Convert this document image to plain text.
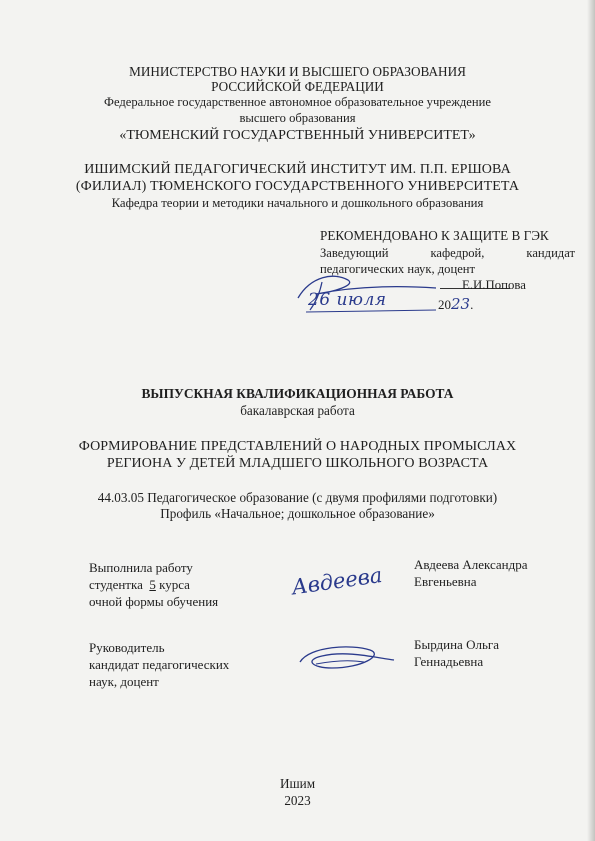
МИНИСТЕРСТВО НАУКИ И ВЫСШЕГО ОБРАЗОВАНИЯ
РОССИЙСКОЙ ФЕДЕРАЦИИ
Федеральное государственное автономное образовательное учреждение
высшего образования
«ТЮМЕНСКИЙ ГОСУДАРСТВЕННЫЙ УНИВЕРСИТЕТ»
ИШИМСКИЙ ПЕДАГОГИЧЕСКИЙ ИНСТИТУТ ИМ. П.П. ЕРШОВА
(ФИЛИАЛ) ТЮМЕНСКОГО ГОСУДАРСТВЕННОГО УНИВЕРСИТЕТА
Кафедра теории и методики начального и дошкольного образования
РЕКОМЕНДОВАНО К ЗАЩИТЕ В ГЭК
Заведующий	кафедрой,	кандидат
педагогических наук, доцент
Е.И.Попова
26 июля	2023.
ВЫПУСКНАЯ КВАЛИФИКАЦИОННАЯ РАБОТА
бакалаврская работа
ФОРМИРОВАНИЕ ПРЕДСТАВЛЕНИЙ О НАРОДНЫХ ПРОМЫСЛАХ
РЕГИОНА У ДЕТЕЙ МЛАДШЕГО ШКОЛЬНОГО ВОЗРАСТА
44.03.05 Педагогическое образование (с двумя профилями подготовки)
Профиль «Начальное; дошкольное образование»
Выполнила работу
студентка 5 курса
очной формы обучения
Авдеева Авдеева Александра
Евгеньевна
Руководитель
кандидат педагогических
наук, доцент
Бырдина Ольга
Геннадьевна
Ишим
2023
